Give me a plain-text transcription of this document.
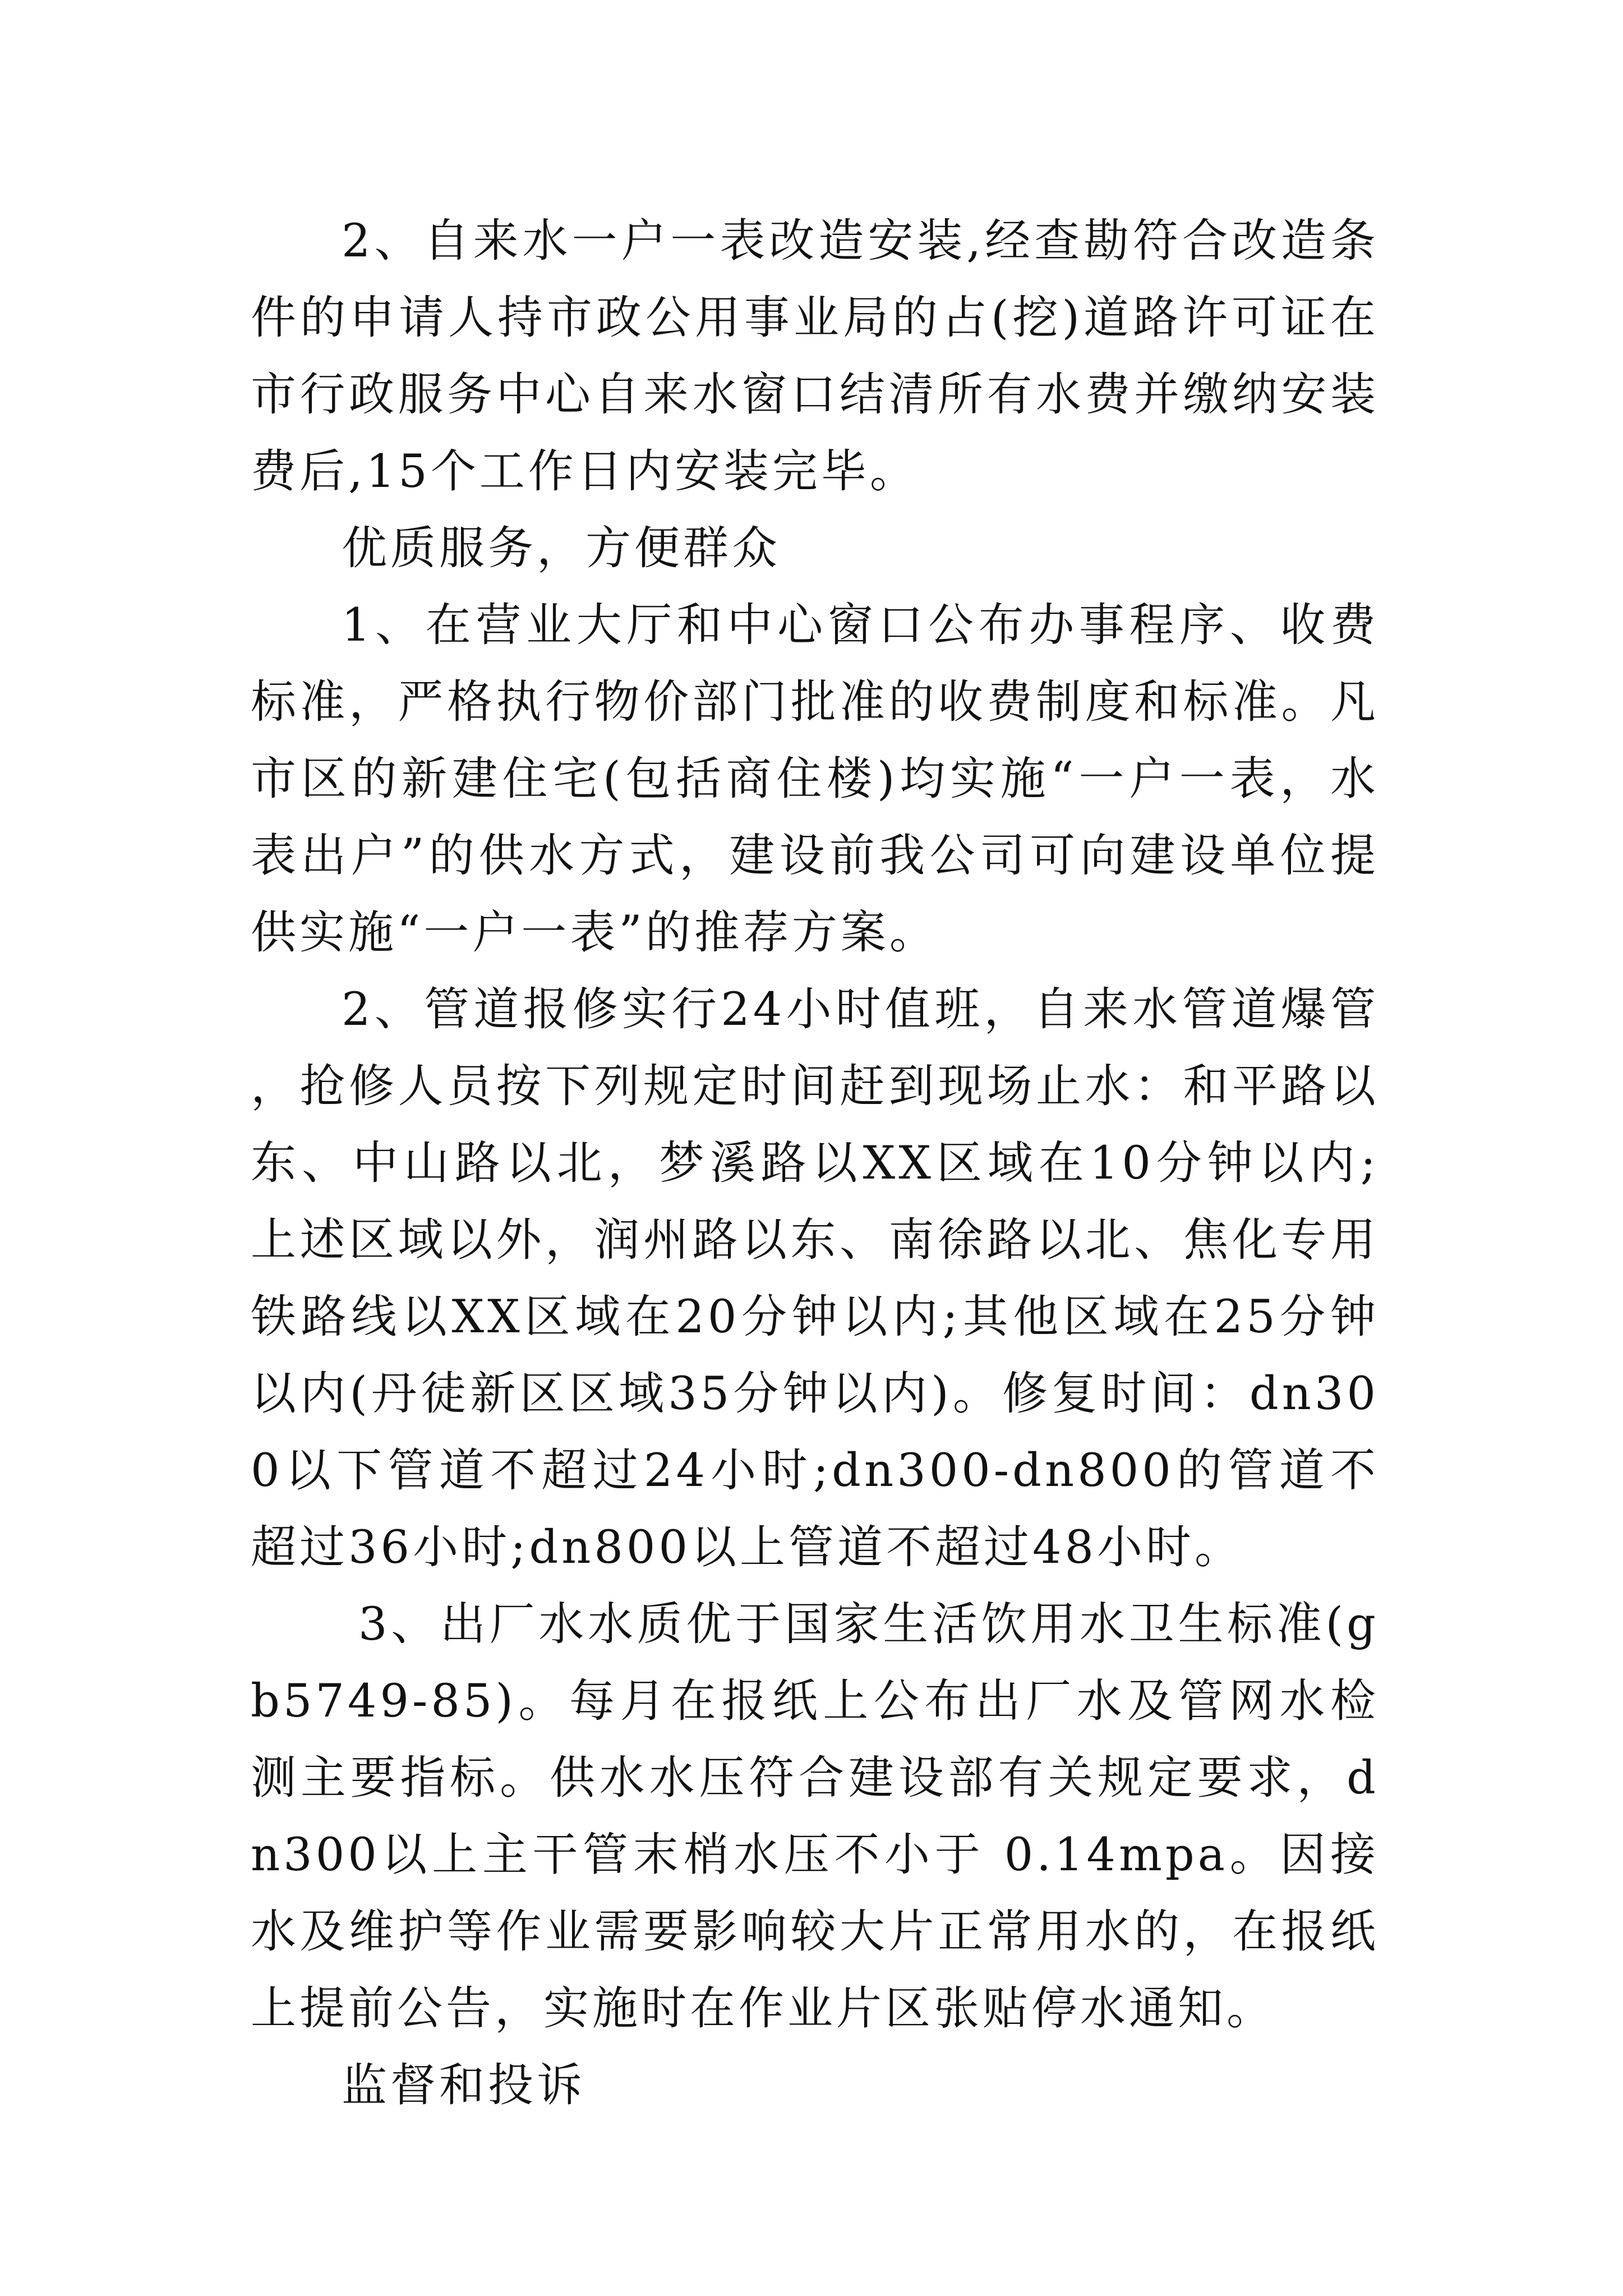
2、自来水一户一表改造安装,经查勘符合改造条件的申请人持市政公用事业局的占(挖)道路许可证在市行政服务中心自来水窗口结清所有水费并缴纳安装费后,15个工作日内安装完毕。

优质服务，方便群众

1、在营业大厅和中心窗口公布办事程序、收费标准，严格执行物价部门批准的收费制度和标准。凡市区的新建住宅(包括商住楼)均实施“一户一表，水表出户”的供水方式，建设前我公司可向建设单位提供实施“一户一表”的推荐方案。

2、管道报修实行24小时值班，自来水管道爆管，抢修人员按下列规定时间赶到现场止水：和平路以东、中山路以北，梦溪路以XX区域在10分钟以内;上述区域以外，润州路以东、南徐路以北、焦化专用铁路线以XX区域在20分钟以内;其他区域在25分钟以内(丹徒新区区域35分钟以内)。修复时间：dn300以下管道不超过24小时;dn300-dn800的管道不超过36小时;dn800以上管道不超过48小时。

3、出厂水水质优于国家生活饮用水卫生标准(gb5749-85)。每月在报纸上公布出厂水及管网水检测主要指标。供水水压符合建设部有关规定要求，dn300以上主干管末梢水压不小于 0.14mpa。因接水及维护等作业需要影响较大片正常用水的，在报纸上提前公告，实施时在作业片区张贴停水通知。

监督和投诉
